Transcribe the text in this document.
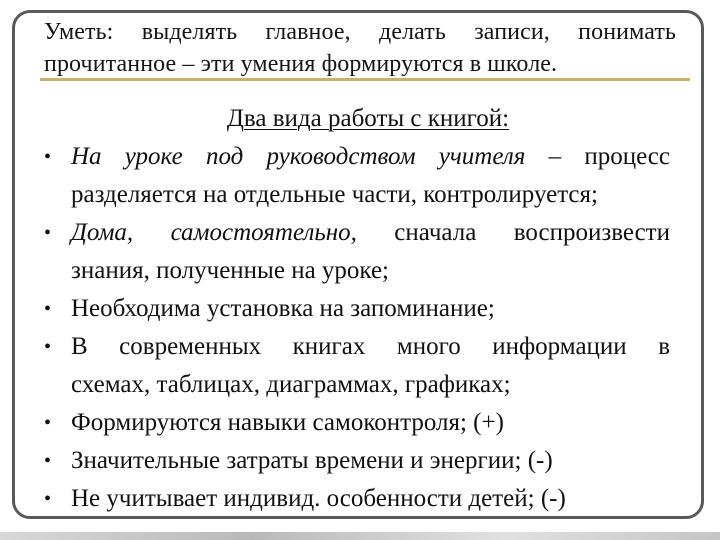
Уметь: выделять главное, делать записи, понимать
прочитанное – эти умения формируются в школе.
Два вида работы с книгой:
• На уроке под руководством учителя – процесс
разделяется на отдельные части, контролируется;
• Дома, самостоятельно, сначала воспроизвести
знания, полученные на уроке;
• Необходима установка на запоминание;
• В современных книгах много информации в
схемах, таблицах, диаграммах, графиках;
• Формируются навыки самоконтроля; (+)
• Значительные затраты времени и энергии; (-)
• Не учитывает индивид. особенности детей; (-)
